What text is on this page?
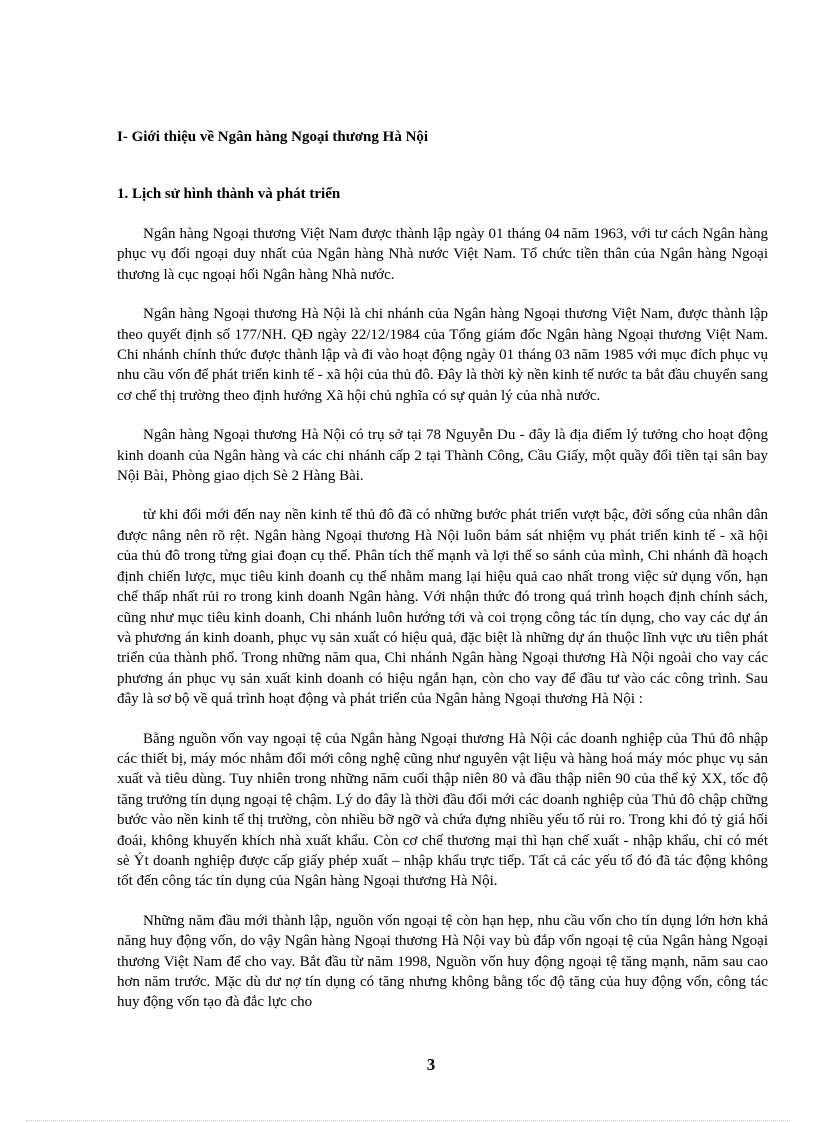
I- Giới thiệu về Ngân hàng Ngoại thương Hà Nội
1. Lịch sử hình thành và phát triển

Ngân hàng Ngoại thương Việt Nam được thành lập ngày 01 tháng 04 năm 1963, với tư cách Ngân hàng phục vụ đối ngoại duy nhất của Ngân hàng Nhà nước Việt Nam. Tổ chức tiền thân của Ngân hàng Ngoại thương là cục ngoại hối Ngân hàng Nhà nước.

Ngân hàng Ngoại thương Hà Nội là chi nhánh của Ngân hàng Ngoại thương Việt Nam, được thành lập theo quyết định số 177/NH. QĐ ngày 22/12/1984 của Tổng giám đốc Ngân hàng Ngoại thương Việt Nam. Chi nhánh chính thức được thành lập và đi vào hoạt động ngày 01 tháng 03 năm 1985 với mục đích phục vụ nhu cầu vốn để phát triển kinh tế - xã hội của thủ đô. Đây là thời kỳ nền kinh tế nước ta bắt đầu chuyển sang cơ chế thị trường theo định hướng Xã hội chủ nghĩa có sự quản lý của nhà nước.

Ngân hàng Ngoại thương Hà Nội có trụ sở tại 78 Nguyễn Du - đây là địa điểm lý tưởng cho hoạt động kinh doanh của Ngân hàng và các chi nhánh cấp 2 tại Thành Công, Cầu Giấy, một quầy đổi tiền tại sân bay Nội Bài, Phòng giao dịch Sè 2 Hàng Bài.

từ khi đổi mới đến nay nền kinh tế thủ đô đã có những bước phát triển vượt bậc, đời sống của nhân dân được nâng nên rõ rệt. Ngân hàng Ngoại thương Hà Nội luôn bám sát nhiệm vụ phát triển kinh tế - xã hội của thủ đô trong từng giai đoạn cụ thể. Phân tích thế mạnh và lợi thế so sánh của mình, Chi nhánh đã hoạch định chiến lược, mục tiêu kinh doanh cụ thể nhằm mang lại hiệu quả cao nhất trong việc sử dụng vốn, hạn chế thấp nhất rủi ro trong kinh doanh Ngân hàng. Với nhận thức đó trong quá trình hoạch định chính sách, cũng như mục tiêu kinh doanh, Chi nhánh luôn hướng tới và coi trọng công tác tín dụng, cho vay các dự án và phương án kinh doanh, phục vụ sản xuất có hiệu quả, đặc biệt là những dự án thuộc lĩnh vực ưu tiên phát triển của thành phố. Trong những năm qua, Chi nhánh Ngân hàng Ngoại thương Hà Nội ngoài cho vay các phương án phục vụ sản xuất kinh doanh có hiệu ngắn hạn, còn cho vay để đầu tư vào các công trình. Sau đây là sơ bộ về quá trình hoạt động và phát triển của Ngân hàng Ngoại thương Hà Nội :

Bằng nguồn vốn vay ngoại tệ của Ngân hàng Ngoại thương Hà Nội các doanh nghiệp của Thủ đô nhập các thiết bị, máy móc nhằm đổi mới công nghệ cũng như nguyên vật liệu và hàng hoá máy móc phục vụ sản xuất và tiêu dùng. Tuy nhiên trong những năm cuối thập niên 80 và đầu thập niên 90 của thế kỷ XX, tốc độ tăng trưởng tín dụng ngoại tệ chậm. Lý do đây là thời đầu đổi mới các doanh nghiệp của Thủ đô chập chững bước vào nền kinh tế thị trường, còn nhiều bỡ ngỡ và chứa đựng nhiều yếu tố rủi ro. Trong khi đó tỷ giá hối đoái, không khuyến khích nhà xuất khẩu. Còn cơ chế thương mại thì hạn chế xuất - nhập khẩu, chỉ có mét sè Ýt doanh nghiệp được cấp giấy phép xuất – nhập khẩu trực tiếp. Tất cả các yếu tố đó đã tác động không tốt đến công tác tín dụng của Ngân hàng Ngoại thương Hà Nội.

Những năm đầu mới thành lập, nguồn vốn ngoại tệ còn hạn hẹp, nhu cầu vốn cho tín dụng lớn hơn khả năng huy động vốn, do vậy Ngân hàng Ngoại thương Hà Nội vay bù đắp vốn ngoại tệ của Ngân hàng Ngoại thương Việt Nam để cho vay. Bắt đầu từ năm 1998, Nguồn vốn huy động ngoại tệ tăng mạnh, năm sau cao hơn năm trước. Mặc dù dư nợ tín dụng có tăng nhưng không bằng tốc độ tăng của huy động vốn, công tác huy động vốn tạo đà đắc lực cho

3
